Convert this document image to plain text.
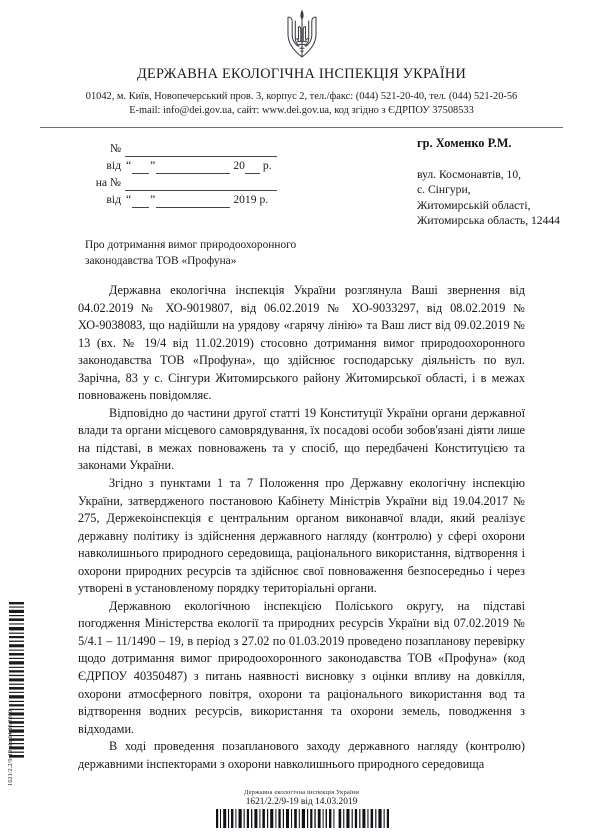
ДЕРЖАВНА ЕКОЛОГІЧНА ІНСПЕКЦІЯ УКРАЇНИ
01042, м. Київ, Новопечерський пров. 3, корпус 2, тел./факс: (044) 521-20-40, тел. (044) 521-20-56
E-mail: info@dei.gov.ua, сайт: www.dei.gov.ua, код згідно з ЄДРПОУ 37508533
№
від “ ”	20 р.
на №
від “ ”	2019 р.
гр. Хоменко Р.М.
вул. Космонавтів, 10,
с. Сінгури,
Житомирській області,
Житомирська область, 12444
Про дотримання вимог природоохоронного
законодавства ТОВ «Профуна»

Державна екологічна інспекція України розглянула Ваші звернення від 04.02.2019 № ХО-9019807, від 06.02.2019 № ХО-9033297, від 08.02.2019 № ХО-9038083, що надійшли на урядову «гарячу лінію» та Ваш лист від 09.02.2019 № 13 (вх. № 19/4 від 11.02.2019) стосовно дотримання вимог природоохоронного законодавства ТОВ «Профуна», що здійснює господарську діяльність по вул. Зарічна, 83 у с. Сінгури Житомирського району Житомирської області, і в межах повноважень повідомляє.

Відповідно до частини другої статті 19 Конституції України органи державної влади та органи місцевого самоврядування, їх посадові особи зобов'язані діяти лише на підставі, в межах повноважень та у спосіб, що передбачені Конституцією та законами України.

Згідно з пунктами 1 та 7 Положення про Державну екологічну інспекцію України, затвердженого постановою Кабінету Міністрів України від 19.04.2017 № 275, Держекоінспекція є центральним органом виконавчої влади, який реалізує державну політику із здійснення державного нагляду (контролю) у сфері охорони навколишнього природного середовища, раціонального використання, відтворення і охорони природних ресурсів та здійснює свої повноваження безпосередньо і через утворені в установленому порядку територіальні органи.

Державною екологічною інспекцією Поліського округу, на підставі погодження Міністерства екології та природних ресурсів України від 07.02.2019 № 5/4.1 – 11/1490 – 19, в період з 27.02 по 01.03.2019 проведено позапланову перевірку щодо дотримання вимог природоохоронного законодавства ТОВ «Профуна» (код ЄДРПОУ 40350487) з питань наявності висновку з оцінки впливу на довкілля, охорони атмосферного повітря, охорони та раціонального використання вод та відтворення водних ресурсів, використання та охорони земель, поводження з відходами.

В ході проведення позапланового заходу державного нагляду (контролю) державними інспекторами з охорони навколишнього природного середовища

1621/2.2/9-19 від 14.03.2019
Державна екологічна інспекція України
1621/2.2/9-19 від 14.03.2019
